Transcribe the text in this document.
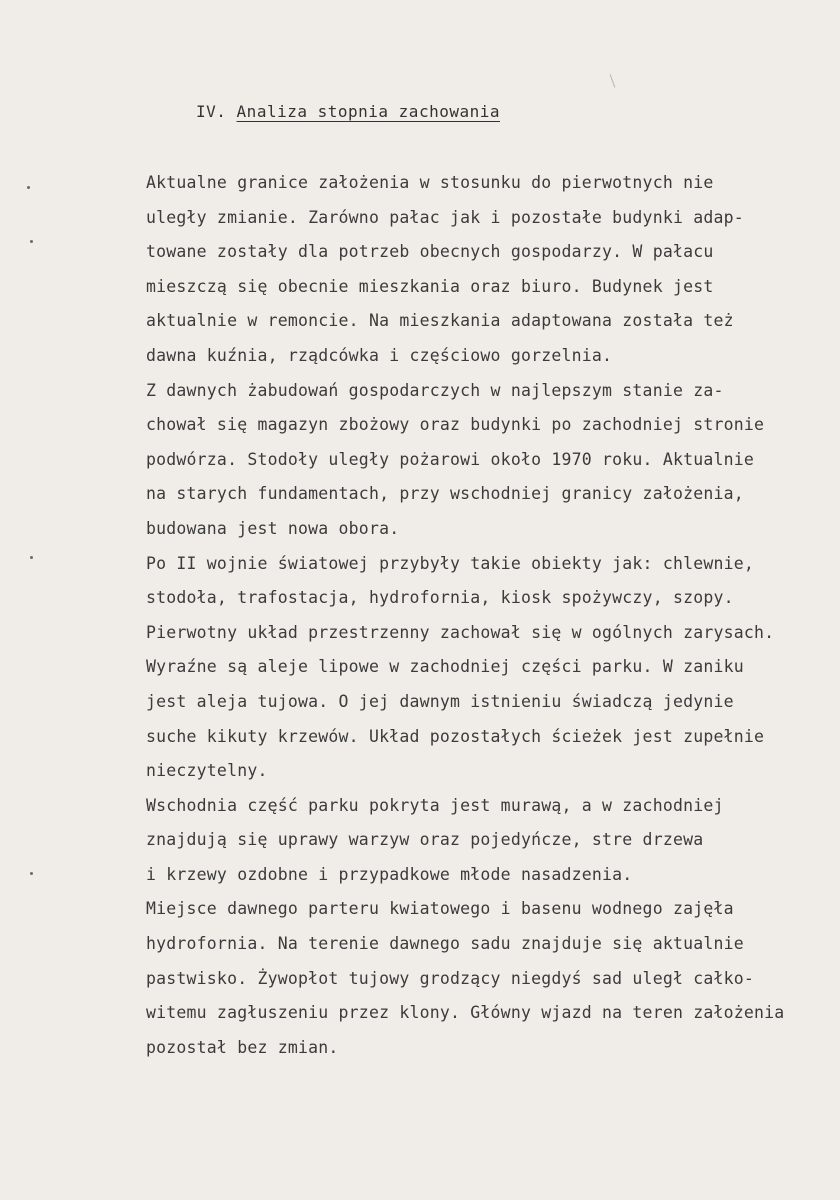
IV. Analiza stopnia zachowania
Aktualne granice założenia w stosunku do pierwotnych nie
uległy zmianie. Zarówno pałac jak i pozostałe budynki adap-
towane zostały dla potrzeb obecnych gospodarzy. W pałacu
mieszczą się obecnie mieszkania oraz biuro. Budynek jest
aktualnie w remoncie. Na mieszkania adaptowana została też
dawna kuźnia, rządcówka i częściowo gorzelnia.
Z dawnych żabudowań gospodarczych w najlepszym stanie za-
chował się magazyn zbożowy oraz budynki po zachodniej stronie
podwórza. Stodoły uległy pożarowi około 1970 roku. Aktualnie
na starych fundamentach, przy wschodniej granicy założenia,
budowana jest nowa obora.
Po II wojnie światowej przybyły takie obiekty jak: chlewnie,
stodoła, trafostacja, hydrofornia, kiosk spożywczy, szopy.
Pierwotny układ przestrzenny zachował się w ogólnych zarysach.
Wyraźne są aleje lipowe w zachodniej części parku. W zaniku
jest aleja tujowa. O jej dawnym istnieniu świadczą jedynie
suche kikuty krzewów. Układ pozostałych ścieżek jest zupełnie
nieczytelny.
Wschodnia część parku pokryta jest murawą, a w zachodniej
znajdują się uprawy warzyw oraz pojedyńcze, stre drzewa
i krzewy ozdobne i przypadkowe młode nasadzenia.
Miejsce dawnego parteru kwiatowego i basenu wodnego zajęła
hydrofornia. Na terenie dawnego sadu znajduje się aktualnie
pastwisko. Żywopłot tujowy grodzący niegdyś sad uległ całko-
witemu zagłuszeniu przez klony. Główny wjazd na teren założenia
pozostał bez zmian.
